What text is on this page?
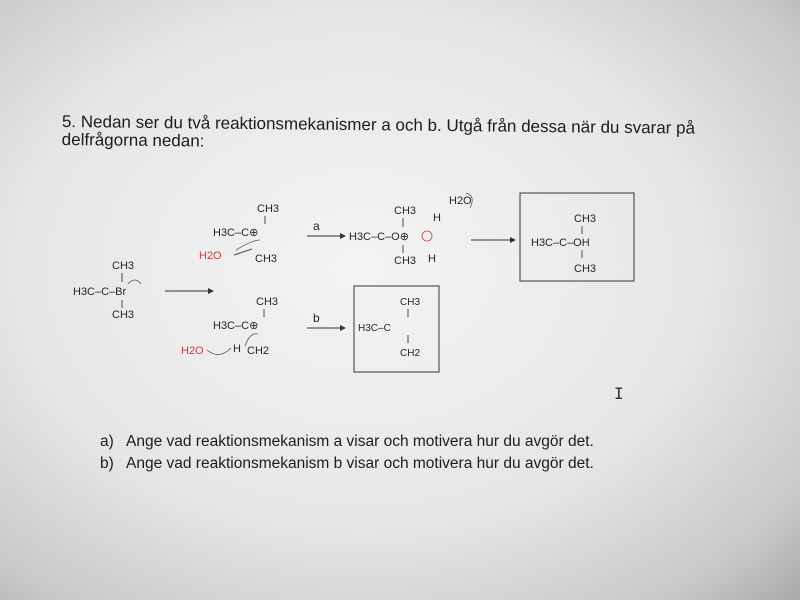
5. Nedan ser du två reaktionsmekanismer a och b. Utgå från dessa när du svarar på delfrågorna nedan:
CH3
H3C–C–Br
CH3
CH3
H3C–C⊕
H2O	CH3
a
H2O
CH3
H
H3C–C–O⊕
CH3 H
CH3
H3C–C–OH
CH3
CH3
H3C–C⊕
H2O	H CH2
b
CH3
H3C–C
CH2
I
a) Ange vad reaktionsmekanism a visar och motivera hur du avgör det.
b) Ange vad reaktionsmekanism b visar och motivera hur du avgör det.
